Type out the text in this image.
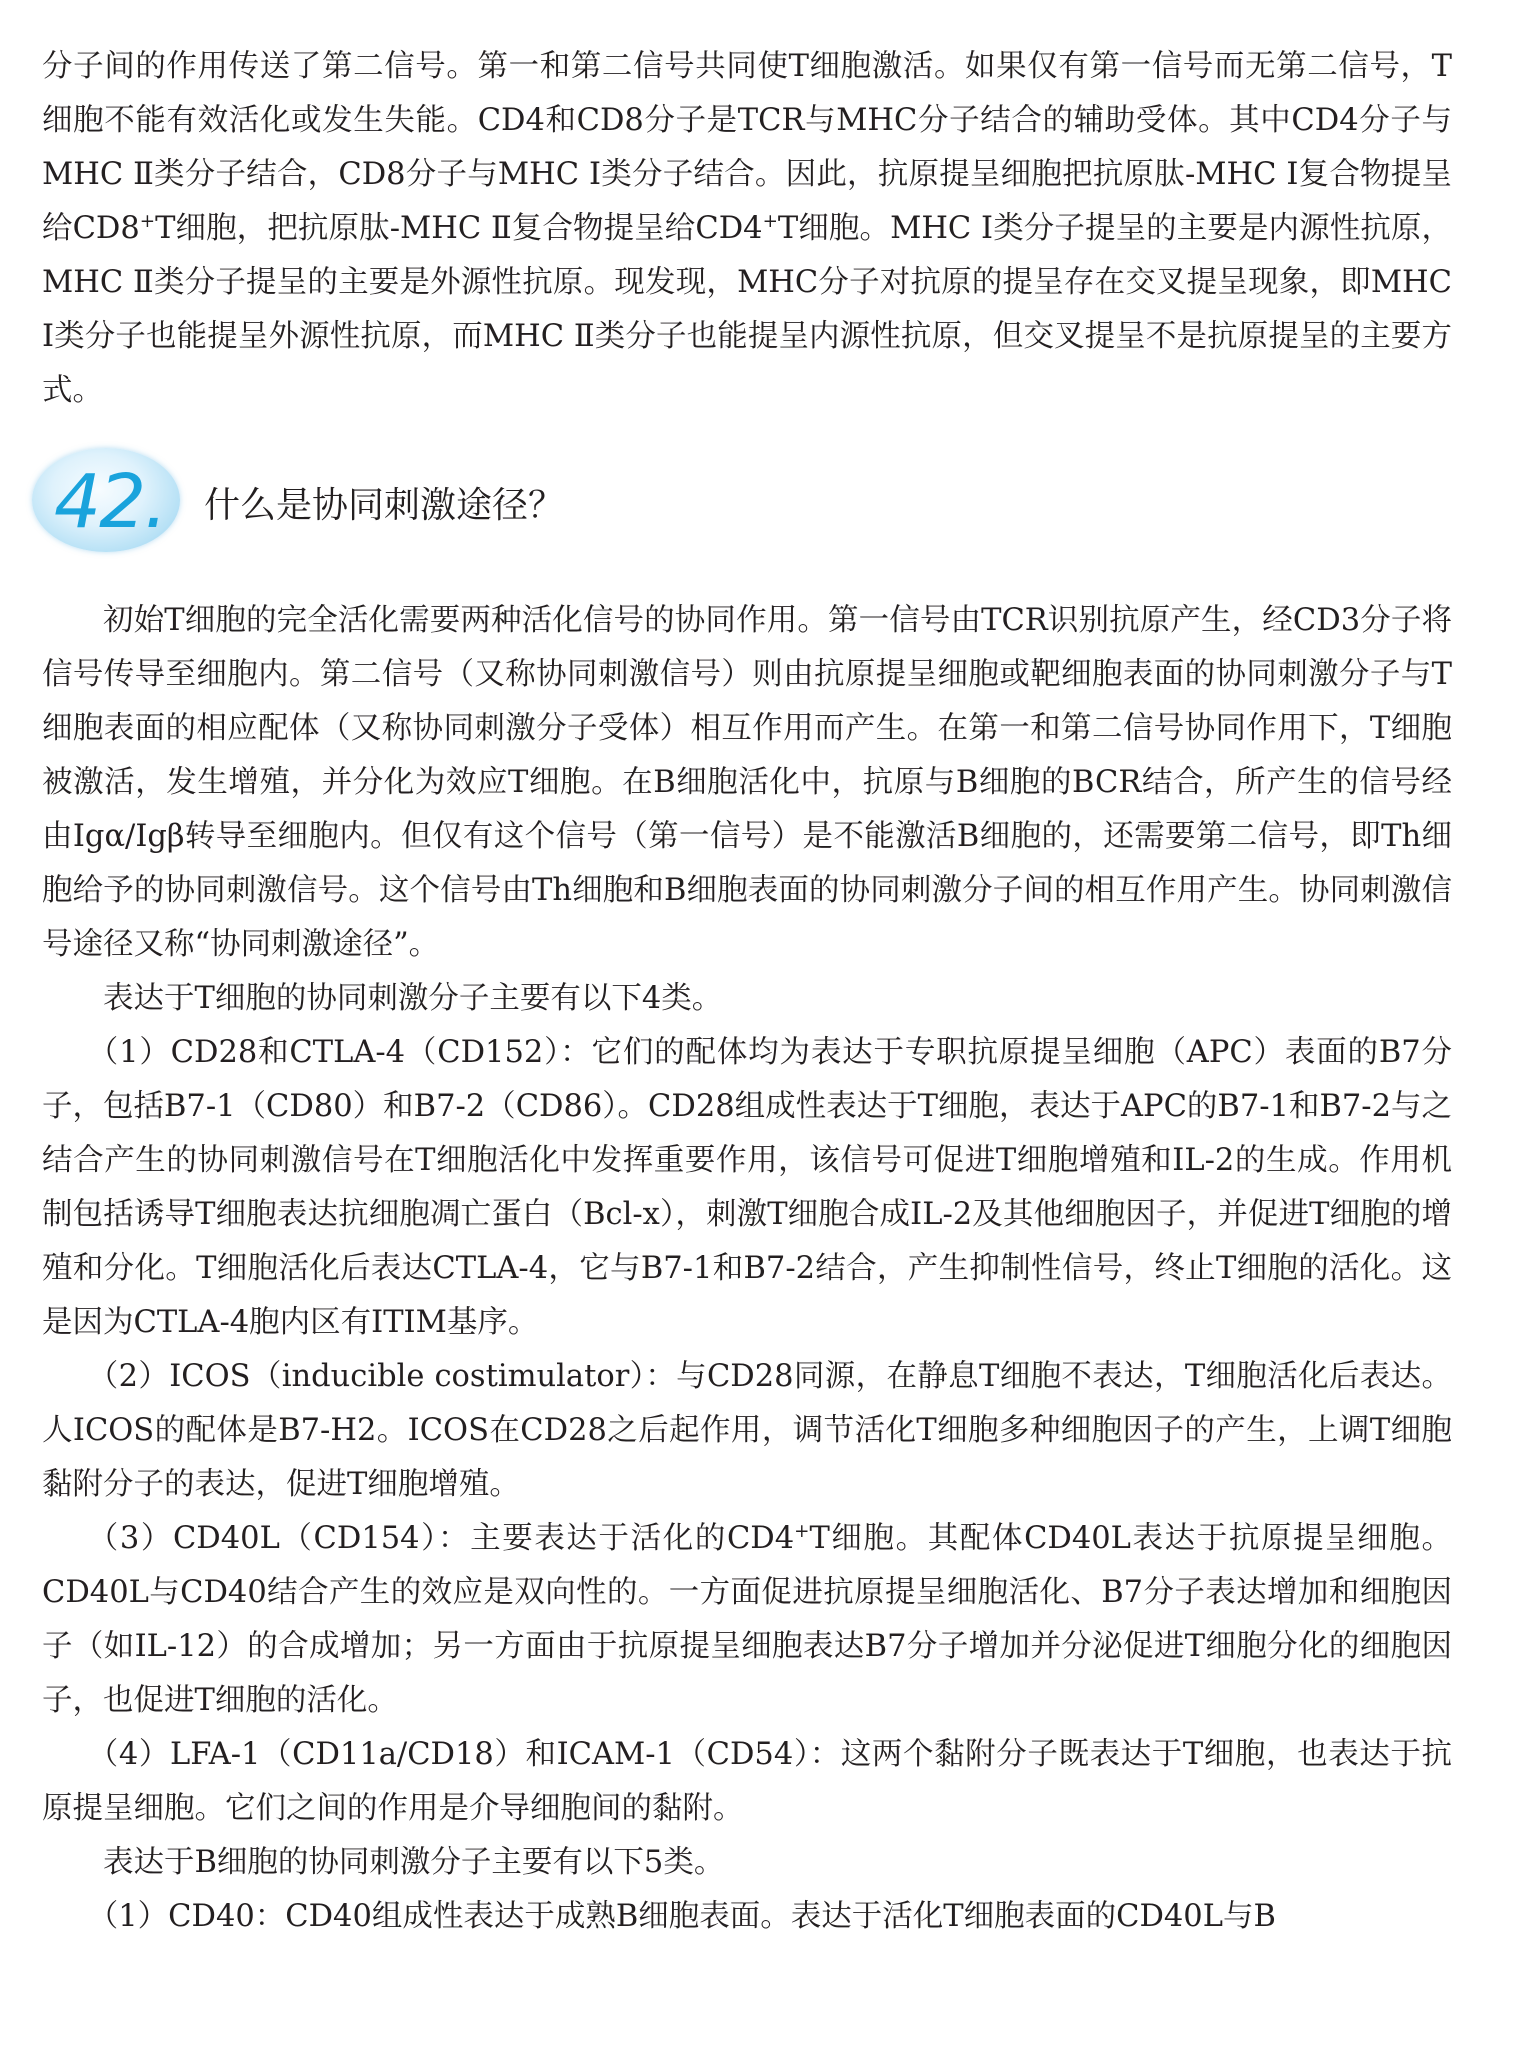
分子间的作用传送了第二信号。第一和第二信号共同使T细胞激活。如果仅有第一信号而无第二信号，T细胞不能有效活化或发生失能。CD4和CD8分子是TCR与MHC分子结合的辅助受体。其中CD4分子与MHC Ⅱ类分子结合，CD8分子与MHC Ⅰ类分子结合。因此，抗原提呈细胞把抗原肽-MHC Ⅰ复合物提呈给CD8+T细胞，把抗原肽-MHC Ⅱ复合物提呈给CD4+T细胞。MHC Ⅰ类分子提呈的主要是内源性抗原，MHC Ⅱ类分子提呈的主要是外源性抗原。现发现，MHC分子对抗原的提呈存在交叉提呈现象，即MHC Ⅰ类分子也能提呈外源性抗原，而MHC Ⅱ类分子也能提呈内源性抗原，但交叉提呈不是抗原提呈的主要方式。

42. 什么是协同刺激途径？

初始T细胞的完全活化需要两种活化信号的协同作用。第一信号由TCR识别抗原产生，经CD3分子将信号传导至细胞内。第二信号（又称协同刺激信号）则由抗原提呈细胞或靶细胞表面的协同刺激分子与T细胞表面的相应配体（又称协同刺激分子受体）相互作用而产生。在第一和第二信号协同作用下，T细胞被激活，发生增殖，并分化为效应T细胞。在B细胞活化中，抗原与B细胞的BCR结合，所产生的信号经由Igα/Igβ转导至细胞内。但仅有这个信号（第一信号）是不能激活B细胞的，还需要第二信号，即Th细胞给予的协同刺激信号。这个信号由Th细胞和B细胞表面的协同刺激分子间的相互作用产生。协同刺激信号途径又称“协同刺激途径”。

表达于T细胞的协同刺激分子主要有以下4类。

（1）CD28和CTLA-4（CD152）：它们的配体均为表达于专职抗原提呈细胞（APC）表面的B7分子，包括B7-1（CD80）和B7-2（CD86）。CD28组成性表达于T细胞，表达于APC的B7-1和B7-2与之结合产生的协同刺激信号在T细胞活化中发挥重要作用，该信号可促进T细胞增殖和IL-2的生成。作用机制包括诱导T细胞表达抗细胞凋亡蛋白（Bcl-x），刺激T细胞合成IL-2及其他细胞因子，并促进T细胞的增殖和分化。T细胞活化后表达CTLA-4，它与B7-1和B7-2结合，产生抑制性信号，终止T细胞的活化。这是因为CTLA-4胞内区有ITIM基序。

（2）ICOS（inducible costimulator）：与CD28同源，在静息T细胞不表达，T细胞活化后表达。人ICOS的配体是B7-H2。ICOS在CD28之后起作用，调节活化T细胞多种细胞因子的产生，上调T细胞黏附分子的表达，促进T细胞增殖。

（3）CD40L（CD154）：主要表达于活化的CD4+T细胞。其配体CD40L表达于抗原提呈细胞。CD40L与CD40结合产生的效应是双向性的。一方面促进抗原提呈细胞活化、B7分子表达增加和细胞因子（如IL-12）的合成增加；另一方面由于抗原提呈细胞表达B7分子增加并分泌促进T细胞分化的细胞因子，也促进T细胞的活化。

（4）LFA-1（CD11a/CD18）和ICAM-1（CD54）：这两个黏附分子既表达于T细胞，也表达于抗原提呈细胞。它们之间的作用是介导细胞间的黏附。

表达于B细胞的协同刺激分子主要有以下5类。

（1）CD40：CD40组成性表达于成熟B细胞表面。表达于活化T细胞表面的CD40L与B
